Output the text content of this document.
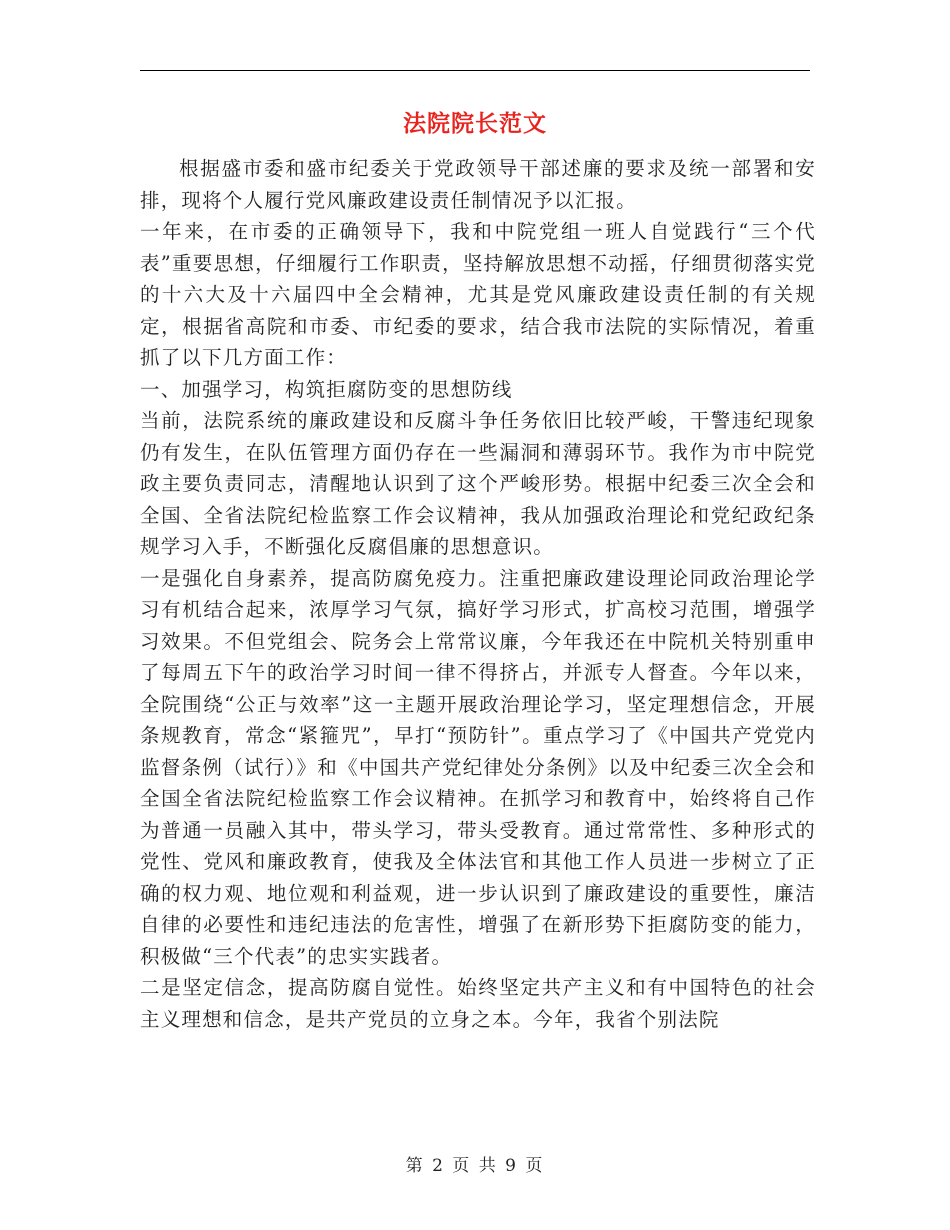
法院院长范文

根据盛市委和盛市纪委关于党政领导干部述廉的要求及统一部署和安排，现将个人履行党风廉政建设责任制情况予以汇报。

一年来，在市委的正确领导下，我和中院党组一班人自觉践行“三个代表”重要思想，仔细履行工作职责，坚持解放思想不动摇，仔细贯彻落实党的十六大及十六届四中全会精神，尤其是党风廉政建设责任制的有关规定，根据省高院和市委、市纪委的要求，结合我市法院的实际情况，着重抓了以下几方面工作：

一、加强学习，构筑拒腐防变的思想防线

当前，法院系统的廉政建设和反腐斗争任务依旧比较严峻，干警违纪现象仍有发生，在队伍管理方面仍存在一些漏洞和薄弱环节。我作为市中院党政主要负责同志，清醒地认识到了这个严峻形势。根据中纪委三次全会和全国、全省法院纪检监察工作会议精神，我从加强政治理论和党纪政纪条规学习入手，不断强化反腐倡廉的思想意识。

一是强化自身素养，提高防腐免疫力。注重把廉政建设理论同政治理论学习有机结合起来，浓厚学习气氛，搞好学习形式，扩高校习范围，增强学习效果。不但党组会、院务会上常常议廉，今年我还在中院机关特别重申了每周五下午的政治学习时间一律不得挤占，并派专人督查。今年以来，全院围绕“公正与效率”这一主题开展政治理论学习，坚定理想信念，开展条规教育，常念“紧箍咒”，早打“预防针”。重点学习了《中国共产党党内监督条例（试行）》和《中国共产党纪律处分条例》以及中纪委三次全会和全国全省法院纪检监察工作会议精神。在抓学习和教育中，始终将自己作为普通一员融入其中，带头学习，带头受教育。通过常常性、多种形式的党性、党风和廉政教育，使我及全体法官和其他工作人员进一步树立了正确的权力观、地位观和利益观，进一步认识到了廉政建设的重要性，廉洁自律的必要性和违纪违法的危害性，增强了在新形势下拒腐防变的能力，积极做“三个代表”的忠实实践者。

二是坚定信念，提高防腐自觉性。始终坚定共产主义和有中国特色的社会主义理想和信念，是共产党员的立身之本。今年，我省个别法院

第 2 页 共 9 页
